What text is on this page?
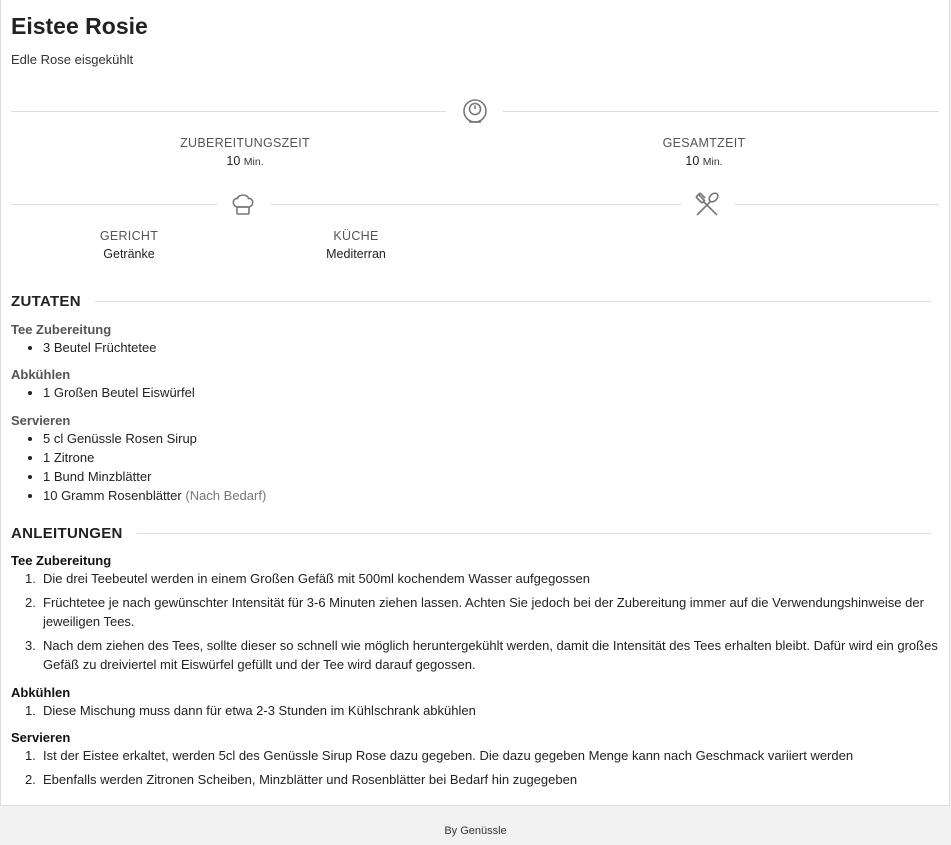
Eistee Rosie
Edle Rose eisgekühlt
ZUBEREITUNGSZEIT
10 Min.
GESAMTZEIT
10 Min.
GERICHT
Getränke
KÜCHE
Mediterran
ZUTATEN
Tee Zubereitung
3 Beutel Früchtetee
Abkühlen
1 Großen Beutel Eiswürfel
Servieren
5 cl Genüssle Rosen Sirup
1 Zitrone
1 Bund Minzblätter
10 Gramm Rosenblätter (Nach Bedarf)
ANLEITUNGEN
Tee Zubereitung
1. Die drei Teebeutel werden in einem Großen Gefäß mit 500ml kochendem Wasser aufgegossen
2. Früchtetee je nach gewünschter Intensität für 3-6 Minuten ziehen lassen. Achten Sie jedoch bei der Zubereitung immer auf die Verwendungshinweise der jeweiligen Tees.
3. Nach dem ziehen des Tees, sollte dieser so schnell wie möglich heruntergekühlt werden, damit die Intensität des Tees erhalten bleibt. Dafür wird ein großes Gefäß zu dreiviertel mit Eiswürfel gefüllt und der Tee wird darauf gegossen.
Abkühlen
1. Diese Mischung muss dann für etwa 2-3 Stunden im Kühlschrank abkühlen
Servieren
1. Ist der Eistee erkaltet, werden 5cl des Genüssle Sirup Rose dazu gegeben. Die dazu gegeben Menge kann nach Geschmack variiert werden
2. Ebenfalls werden Zitronen Scheiben, Minzblätter und Rosenblätter bei Bedarf hin zugegeben
By Genüssle
